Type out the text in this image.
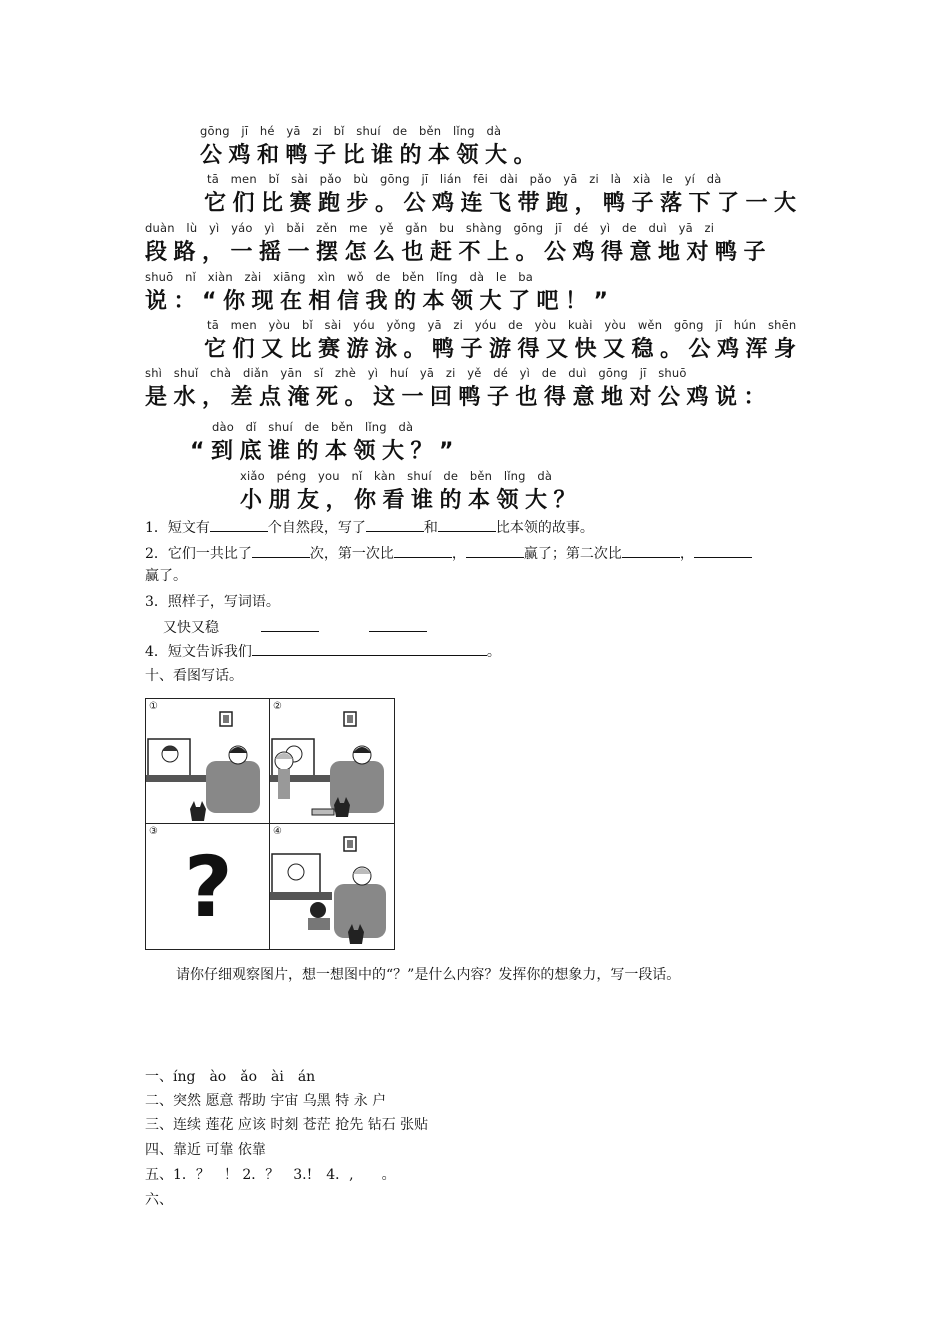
gōng jī hé yā zi bǐ shuí de běn lǐng dà
公鸡和鸭子比谁的本领大。
tā men bǐ sài pǎo bù gōng jī lián fēi dài pǎo yā zi là xià le yí dà
它们比赛跑步。公鸡连飞带跑，鸭子落下了一大
duàn lù yì yáo yì bǎi zěn me yě gǎn bu shàng gōng jī dé yì de duì yā zi
段路，一摇一摆怎么也赶不上。公鸡得意地对鸭子
shuō nǐ xiàn zài xiāng xìn wǒ de běn lǐng dà le ba
说：“你现在相信我的本领大了吧！”
tā men yòu bǐ sài yóu yǒng yā zi yóu de yòu kuài yòu wěn gōng jī hún shēn
它们又比赛游泳。鸭子游得又快又稳。公鸡浑身
shì shuǐ chà diǎn yān sǐ zhè yì huí yā zi yě dé yì de duì gōng jī shuō
是水，差点淹死。这一回鸭子也得意地对公鸡说：
dào dǐ shuí de běn lǐng dà
“到底谁的本领大？”
xiǎo péng you nǐ kàn shuí de běn lǐng dà
小朋友，你看谁的本领大？
1．短文有	个自然段，写了	和	比本领的故事。
2．它们一共比了	次，第一次比	，	赢了；第二次比	，
赢了。
3．照样子，写词语。
又快又稳
4．短文告诉我们	。
十、看图写话。
①	②
③
?
④
请你仔细观察图片，想一想图中的“？”是什么内容？发挥你的想象力，写一段话。
一、íng　ào　ǎo　ài　án
二、突然 愿意 帮助 宇宙 乌黑 特 永 户
三、连续 莲花 应该 时刻 苍茫 抢先 钻石 张贴
四、靠近 可靠 依靠
五、1．？　！ 2．？　3.!　4．,　　。
六、
